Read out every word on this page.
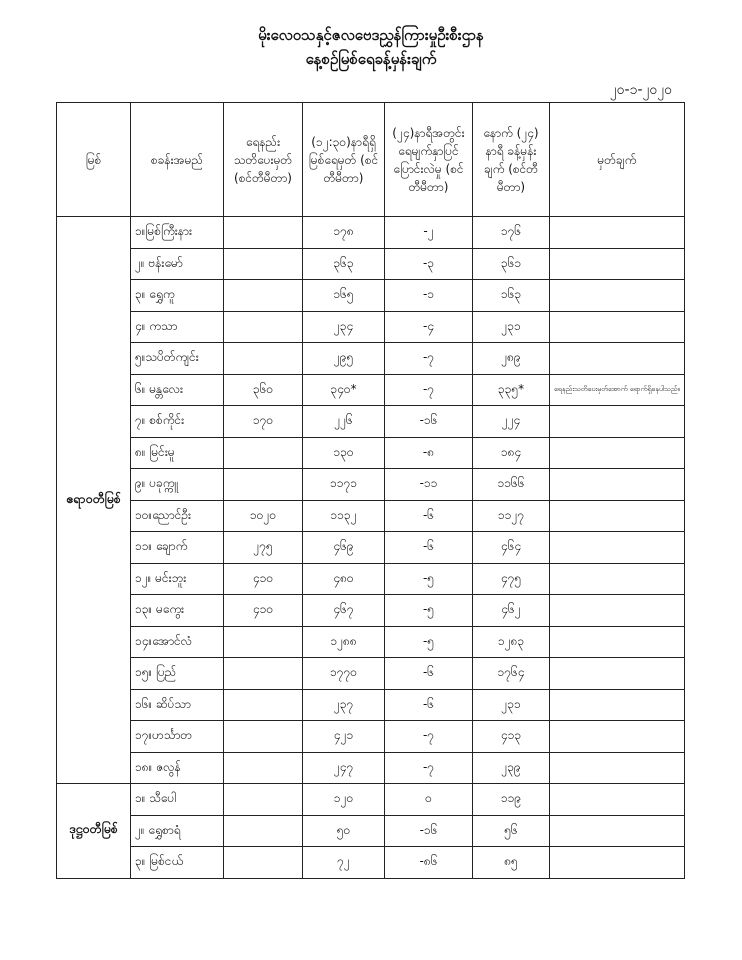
မိုးလေဝသနှင့်ဇလဗေဒညွှန်ကြားမှုဦးစီးဌာန
နေ့စဉ်မြစ်ရေခန့်မှန်းချက်
၂၀-၁-၂၀၂၀
မြစ်	စခန်းအမည်	ရေနည်း သတိပေးမှတ် (စင်တီမီတာ)	(၁၂:၃၀)နာရီရှိ မြစ်ရေမှတ် (စင်တီမီတာ)	(၂၄)နာရီအတွင်း ရေမျက်နှာပြင် ပြောင်းလဲမှု (စင်တီမီတာ)	နောက် (၂၄) နာရီ ခန့်မှန်းချက် (စင်တီမီတာ)	မှတ်ချက်
ဧရာဝတီမြစ်	၁။မြစ်ကြီးနား		၁၇၈	-၂	၁၇၆	
	၂။ ဗန်းမော်		၃၆၃	-၃	၃၆၁	
	၃။ ရွှေကူ		၁၆၅	-၁	၁၆၃	
	၄။ ကသာ		၂၃၄	-၄	၂၃၁	
	၅။သပိတ်ကျင်း		၂၉၅	-၇	၂၈၉	
	၆။ မန္တလေး	၃၆၀	၃၄၀*	-၇	၃၃၅*	ရေနည်းသတိပေးမှတ်အောက် ရောက်ရှိနေပါသည်။
	၇။ စစ်ကိုင်း	၁၇၀	၂၂၆	-၁၆	၂၂၄	
	၈။ မြင်းမူ		၁၃၀	-၈	၁၈၄	
	၉။ ပခုက္ကူ		၁၁၇၁	-၁၁	၁၁၆၆	
	၁၀။ညောင်ဦး	၁၀၂၀	၁၁၃၂	-၆	၁၁၂၇	
	၁၁။ ချောက်	၂၇၅	၄၆၉	-၆	၄၆၄	
	၁၂။ မင်းဘူး	၄၁၀	၄၈၀	-၅	၄၇၅	
	၁၃။ မကွေး	၄၁၀	၄၆၇	-၅	၄၆၂	
	၁၄။အောင်လံ		၁၂၈၈	-၅	၁၂၈၃	
	၁၅။ ပြည်		၁၇၇၀	-၆	၁၇၆၄	
	၁၆။ ဆိပ်သာ		၂၃၇	-၆	၂၃၁	
	၁၇။ဟင်္သာတ		၄၂၁	-၇	၄၁၃	
	၁၈။ ဇလွန်		၂၄၇	-၇	၂၃၉	
ဒုဋ္ဌဝတီမြစ်	၁။ သီပေါ		၁၂၀	၀	၁၁၉	
	၂။ ရွှေစာရံ		၅၀	-၁၆	၅၆	
	၃။ မြစ်ငယ်		၇၂	-၈၆	၈၅	
